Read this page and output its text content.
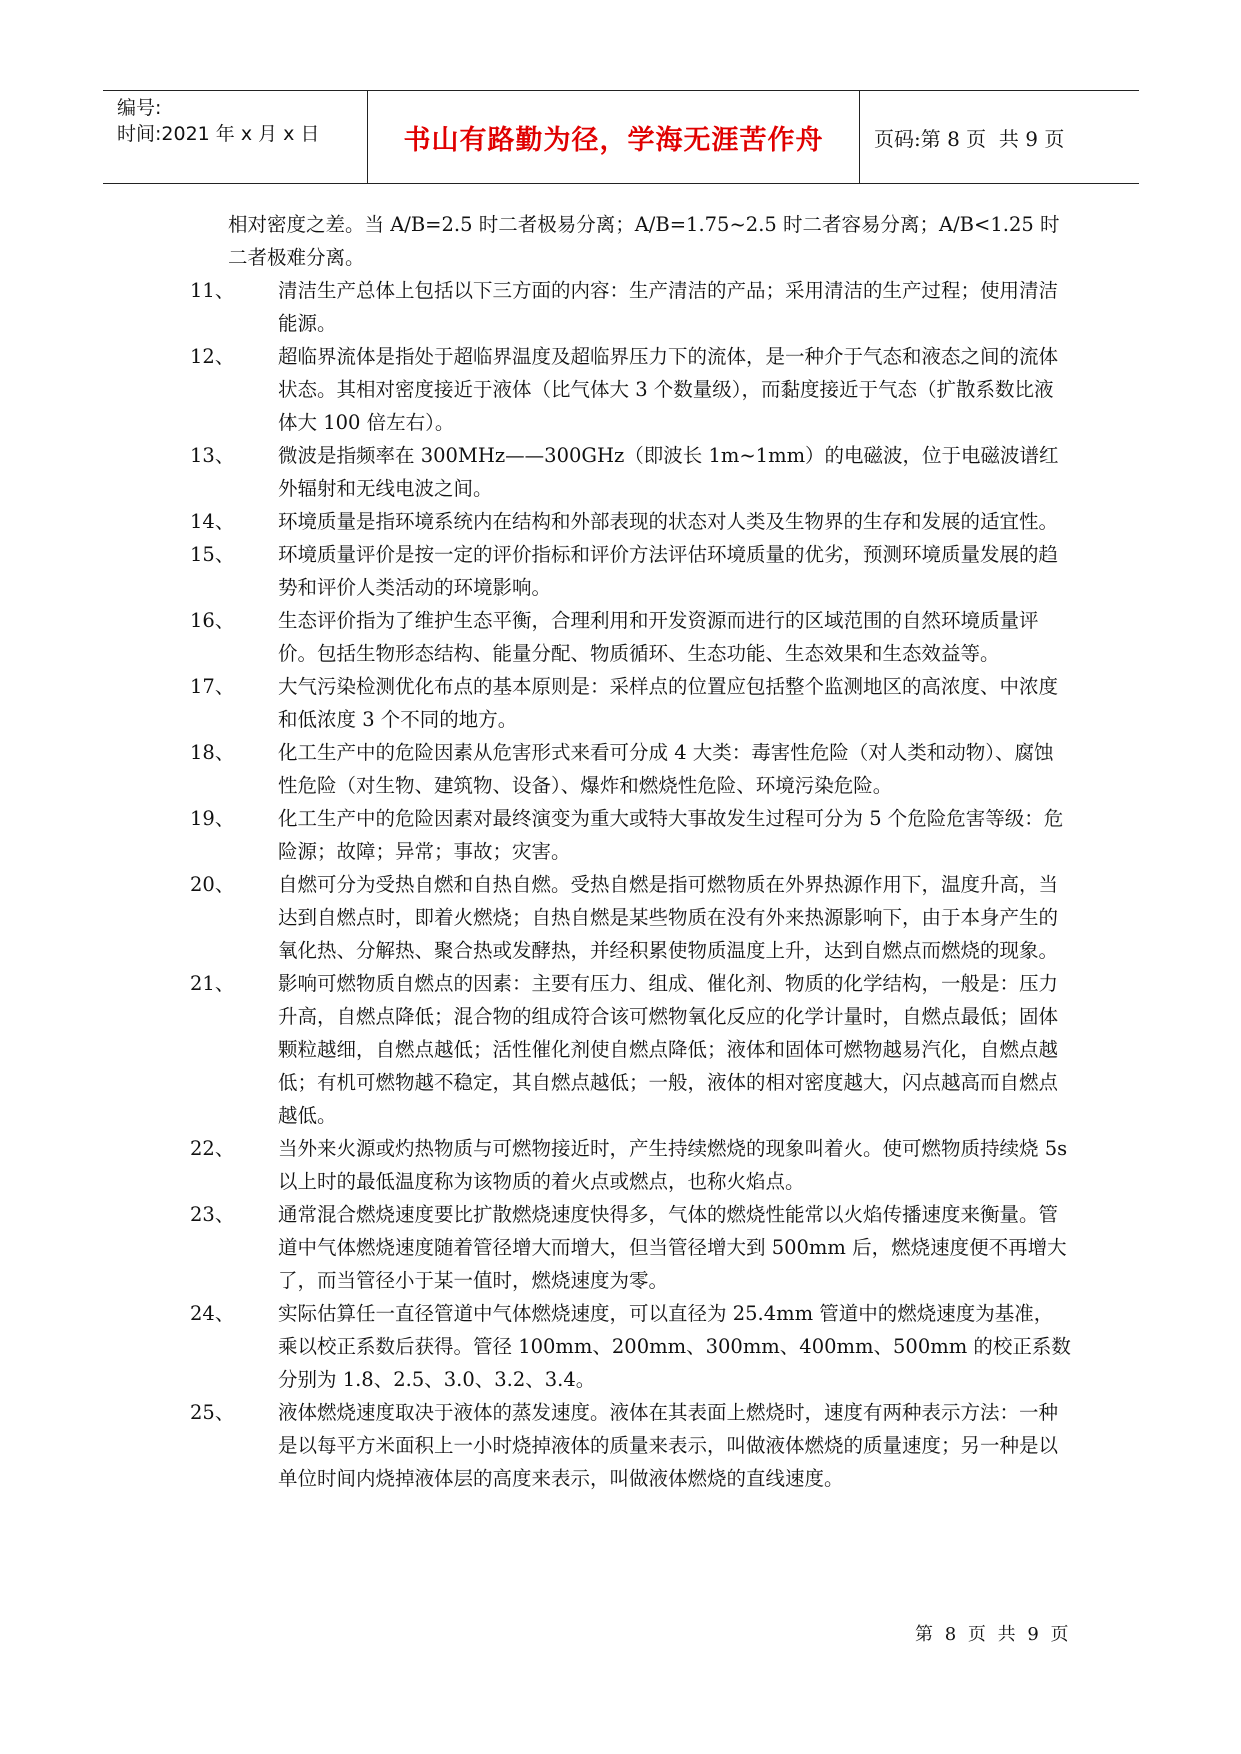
编号:
时间:2021 年 x 月 x 日	书山有路勤为径，学海无涯苦作舟	页码:第 8 页  共 9 页
相对密度之差。当 A/B=2.5 时二者极易分离；A/B=1.75~2.5 时二者容易分离；A/B<1.25 时二者极难分离。
11、	清洁生产总体上包括以下三方面的内容：生产清洁的产品；采用清洁的生产过程；使用清洁能源。
12、	超临界流体是指处于超临界温度及超临界压力下的流体，是一种介于气态和液态之间的流体状态。其相对密度接近于液体（比气体大 3 个数量级），而黏度接近于气态（扩散系数比液体大 100 倍左右）。
13、	微波是指频率在 300MHz——300GHz（即波长 1m~1mm）的电磁波，位于电磁波谱红外辐射和无线电波之间。
14、	环境质量是指环境系统内在结构和外部表现的状态对人类及生物界的生存和发展的适宜性。
15、	环境质量评价是按一定的评价指标和评价方法评估环境质量的优劣，预测环境质量发展的趋势和评价人类活动的环境影响。
16、	生态评价指为了维护生态平衡，合理利用和开发资源而进行的区域范围的自然环境质量评价。包括生物形态结构、能量分配、物质循环、生态功能、生态效果和生态效益等。
17、	大气污染检测优化布点的基本原则是：采样点的位置应包括整个监测地区的高浓度、中浓度和低浓度 3 个不同的地方。
18、	化工生产中的危险因素从危害形式来看可分成 4 大类：毒害性危险（对人类和动物）、腐蚀性危险（对生物、建筑物、设备）、爆炸和燃烧性危险、环境污染危险。
19、	化工生产中的危险因素对最终演变为重大或特大事故发生过程可分为 5 个危险危害等级：危险源；故障；异常；事故；灾害。
20、	自燃可分为受热自燃和自热自燃。受热自燃是指可燃物质在外界热源作用下，温度升高，当达到自燃点时，即着火燃烧；自热自燃是某些物质在没有外来热源影响下，由于本身产生的氧化热、分解热、聚合热或发酵热，并经积累使物质温度上升，达到自燃点而燃烧的现象。
21、	影响可燃物质自燃点的因素：主要有压力、组成、催化剂、物质的化学结构，一般是：压力升高，自燃点降低；混合物的组成符合该可燃物氧化反应的化学计量时，自燃点最低；固体颗粒越细，自燃点越低；活性催化剂使自燃点降低；液体和固体可燃物越易汽化，自燃点越低；有机可燃物越不稳定，其自燃点越低；一般，液体的相对密度越大，闪点越高而自燃点越低。
22、	当外来火源或灼热物质与可燃物接近时，产生持续燃烧的现象叫着火。使可燃物质持续烧 5s 以上时的最低温度称为该物质的着火点或燃点，也称火焰点。
23、	通常混合燃烧速度要比扩散燃烧速度快得多，气体的燃烧性能常以火焰传播速度来衡量。管道中气体燃烧速度随着管径增大而增大，但当管径增大到 500mm 后，燃烧速度便不再增大了，而当管径小于某一值时，燃烧速度为零。
24、	实际估算任一直径管道中气体燃烧速度，可以直径为 25.4mm 管道中的燃烧速度为基准，乘以校正系数后获得。管径 100mm、200mm、300mm、400mm、500mm 的校正系数分别为 1.8、2.5、3.0、3.2、3.4。
25、	液体燃烧速度取决于液体的蒸发速度。液体在其表面上燃烧时，速度有两种表示方法：一种是以每平方米面积上一小时烧掉液体的质量来表示，叫做液体燃烧的质量速度；另一种是以单位时间内烧掉液体层的高度来表示，叫做液体燃烧的直线速度。
第 8 页 共 9 页
